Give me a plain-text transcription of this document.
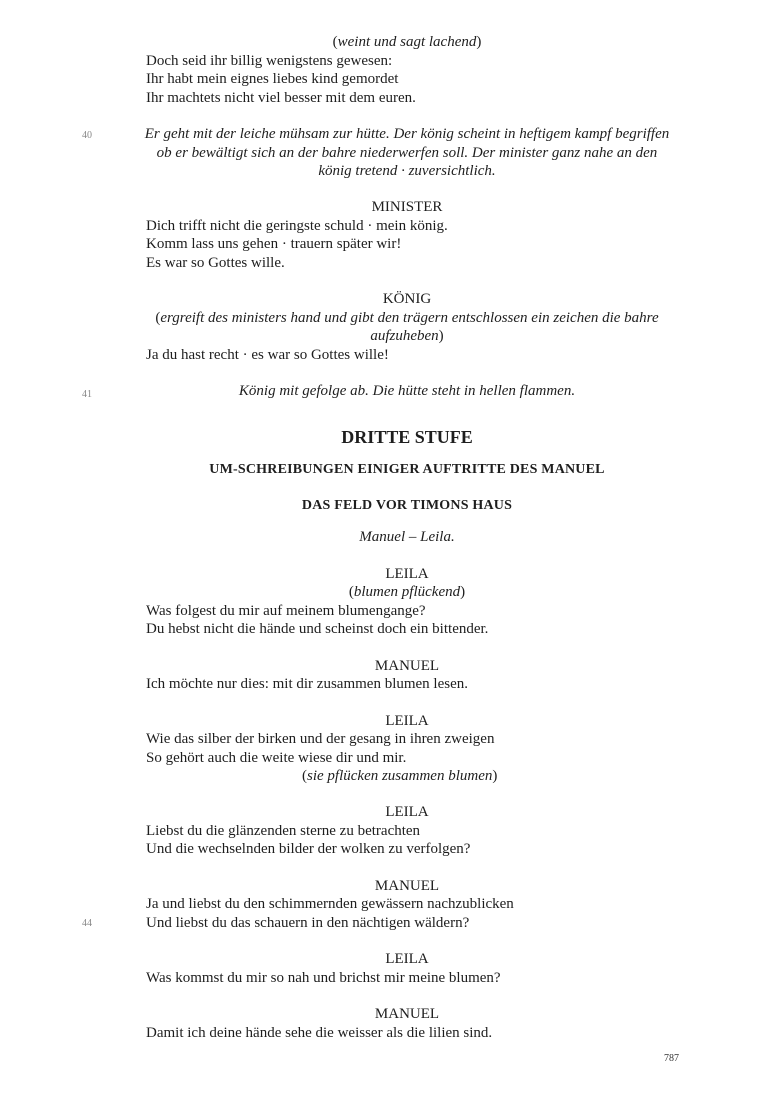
(weint und sagt lachend)
Doch seid ihr billig wenigstens gewesen:
Ihr habt mein eignes liebes kind gemordet
Ihr machtets nicht viel besser mit dem euren.
40	Er geht mit der leiche mühsam zur hütte. Der könig scheint in heftigem kampf begriffen
ob er bewältigt sich an der bahre niederwerfen soll. Der minister ganz nahe an den
könig tretend · zuversichtlich.
MINISTER
Dich trifft nicht die geringste schuld · mein könig.
Komm lass uns gehen · trauern später wir!
Es war so Gottes wille.
KÖNIG
(ergreift des ministers hand und gibt den trägern entschlossen ein zeichen die bahre
aufzuheben)
Ja du hast recht · es war so Gottes wille!
41	König mit gefolge ab. Die hütte steht in hellen flammen.
DRITTE STUFE
UM-SCHREIBUNGEN EINIGER AUFTRITTE DES MANUEL
DAS FELD VOR TIMONS HAUS
Manuel – Leila.
LEILA
(blumen pflückend)
Was folgest du mir auf meinem blumengange?
Du hebst nicht die hände und scheinst doch ein bittender.
MANUEL
Ich möchte nur dies: mit dir zusammen blumen lesen.
LEILA
Wie das silber der birken und der gesang in ihren zweigen
So gehört auch die weite wiese dir und mir.
(sie pflücken zusammen blumen)
LEILA
Liebst du die glänzenden sterne zu betrachten
Und die wechselnden bilder der wolken zu verfolgen?
MANUEL
Ja und liebst du den schimmernden gewässern nachzublicken
44	Und liebst du das schauern in den nächtigen wäldern?
LEILA
Was kommst du mir so nah und brichst mir meine blumen?
MANUEL
Damit ich deine hände sehe die weisser als die lilien sind.
787
